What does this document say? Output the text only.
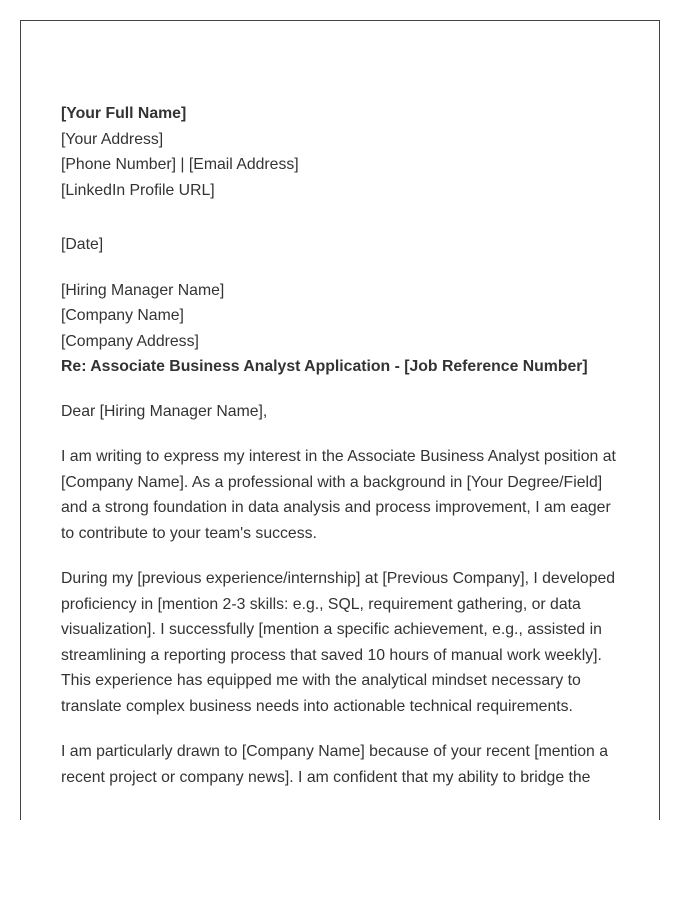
[Your Full Name]
[Your Address]
[Phone Number] | [Email Address]
[LinkedIn Profile URL]
[Date]
[Hiring Manager Name]
[Company Name]
[Company Address]
Re: Associate Business Analyst Application - [Job Reference Number]

Dear [Hiring Manager Name],

I am writing to express my interest in the Associate Business Analyst position at [Company Name]. As a professional with a background in [Your Degree/Field] and a strong foundation in data analysis and process improvement, I am eager to contribute to your team's success.

During my [previous experience/internship] at [Previous Company], I developed proficiency in [mention 2-3 skills: e.g., SQL, requirement gathering, or data visualization]. I successfully [mention a specific achievement, e.g., assisted in streamlining a reporting process that saved 10 hours of manual work weekly]. This experience has equipped me with the analytical mindset necessary to translate complex business needs into actionable technical requirements.

I am particularly drawn to [Company Name] because of your recent [mention a recent project or company news]. I am confident that my ability to bridge the
